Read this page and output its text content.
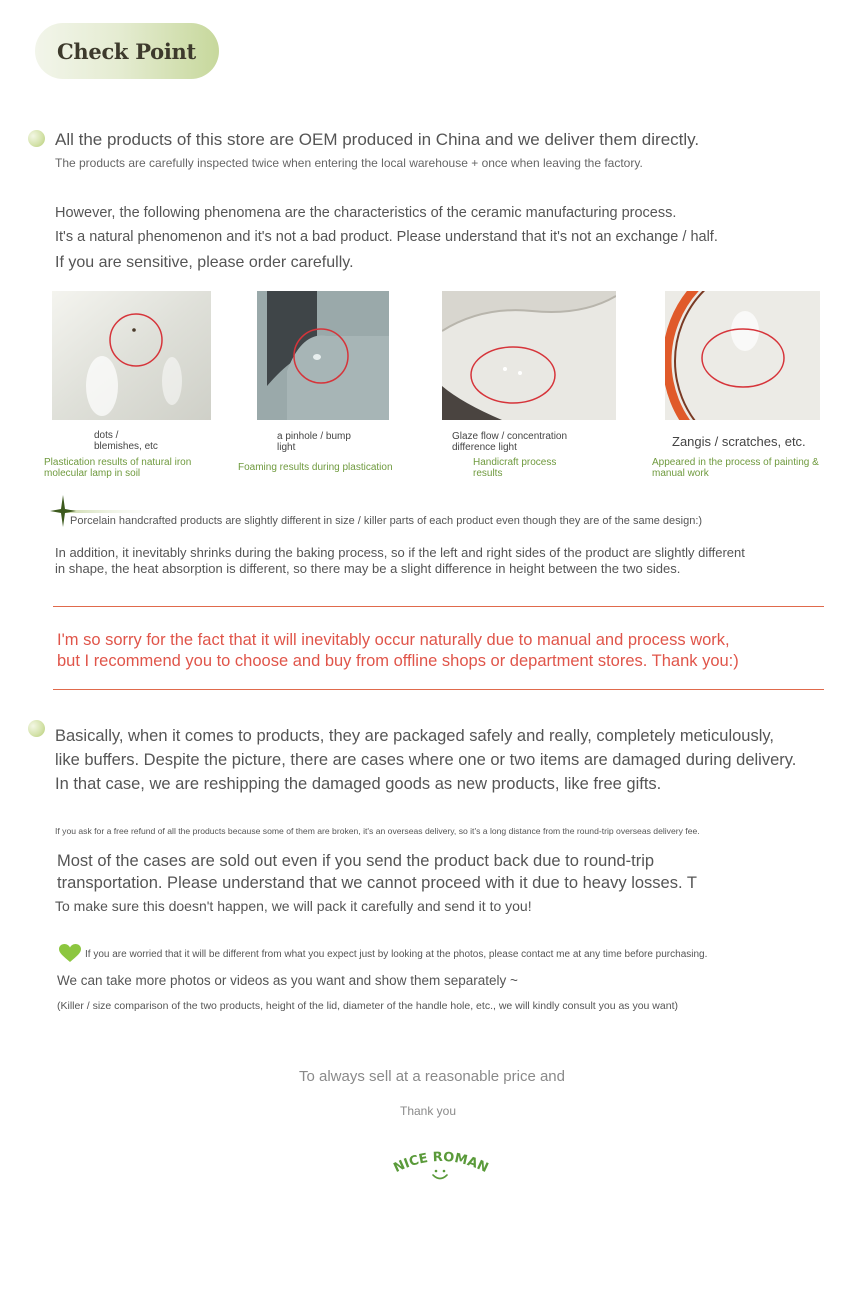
Check Point
All the products of this store are OEM produced in China and we deliver them directly.
The products are carefully inspected twice when entering the local warehouse + once when leaving the factory.
However, the following phenomena are the characteristics of the ceramic manufacturing process.
It's a natural phenomenon and it's not a bad product. Please understand that it's not an exchange / half.
If you are sensitive, please order carefully.
dots /
blemishes, etc
a pinhole / bump
light
Glaze flow / concentration
difference light	Zangis / scratches, etc.
Plastication results of natural iron molecular lamp in soil
Foaming results during plastication	Handicraft process results
Appeared in the process of painting & manual work
Porcelain handcrafted products are slightly different in size / killer parts of each product even though they are of the same design:)
In addition, it inevitably shrinks during the baking process, so if the left and right sides of the product are slightly different
in shape, the heat absorption is different, so there may be a slight difference in height between the two sides.
I'm so sorry for the fact that it will inevitably occur naturally due to manual and process work,
but I recommend you to choose and buy from offline shops or department stores. Thank you:)
Basically, when it comes to products, they are packaged safely and really, completely meticulously,
like buffers. Despite the picture, there are cases where one or two items are damaged during delivery.
In that case, we are reshipping the damaged goods as new products, like free gifts.
If you ask for a free refund of all the products because some of them are broken, it's an overseas delivery, so it's a long distance from the round-trip overseas delivery fee.
Most of the cases are sold out even if you send the product back due to round-trip
transportation. Please understand that we cannot proceed with it due to heavy losses. T
To make sure this doesn't happen, we will pack it carefully and send it to you!
If you are worried that it will be different from what you expect just by looking at the photos, please contact me at any time before purchasing.
We can take more photos or videos as you want and show them separately ~
(Killer / size comparison of the two products, height of the lid, diameter of the handle hole, etc., we will kindly consult you as you want)
To always sell at a reasonable price and
Thank you
NICE ROMAN
